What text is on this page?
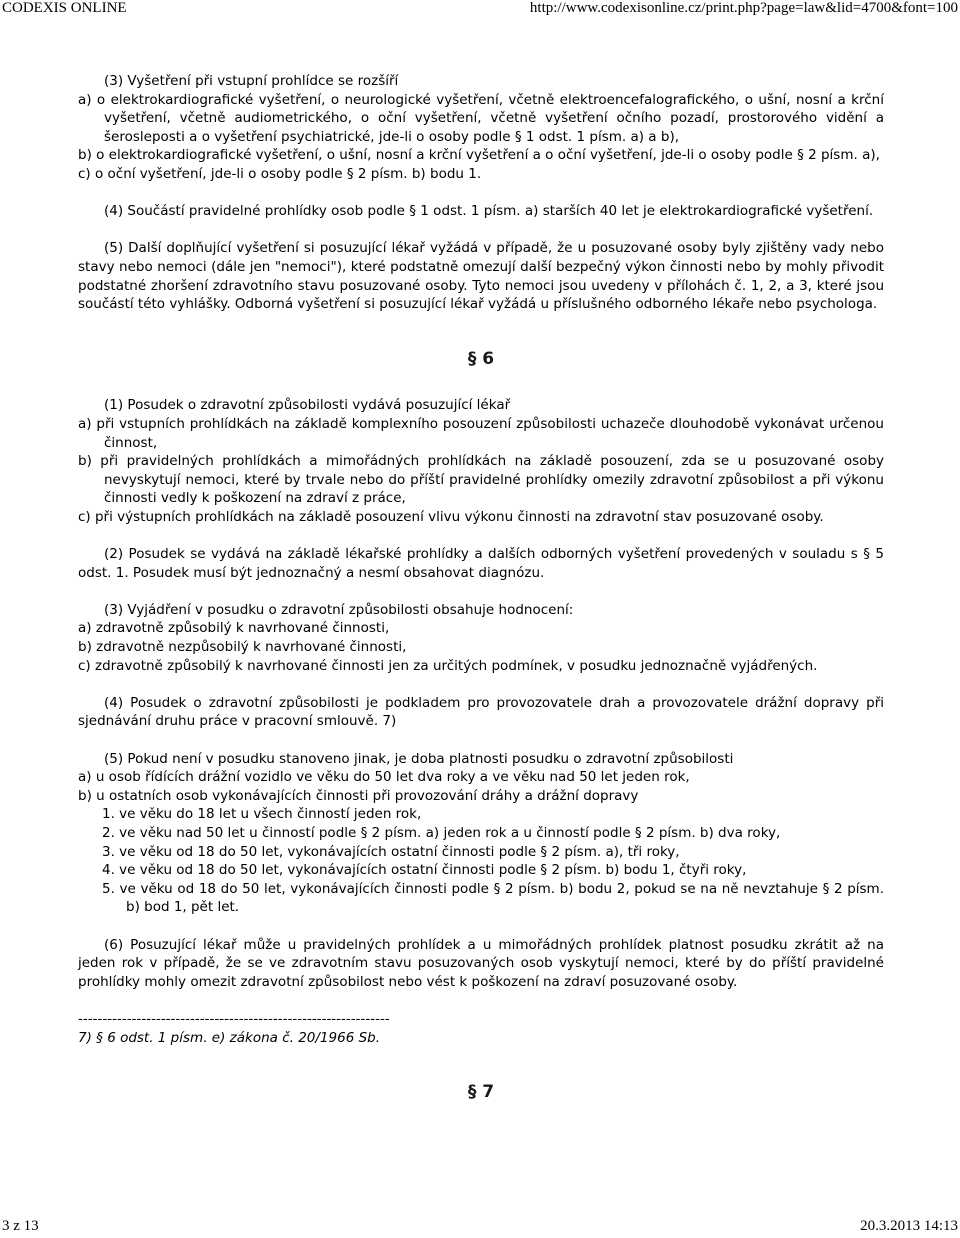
CODEXIS ONLINE	http://www.codexisonline.cz/print.php?page=law&lid=4700&font=100

(3) Vyšetření při vstupní prohlídce se rozšíří

a) o elektrokardiografické vyšetření, o neurologické vyšetření, včetně elektroencefalografického, o ušní, nosní a krční vyšetření, včetně audiometrického, o oční vyšetření, včetně vyšetření očního pozadí, prostorového vidění a šerosleposti a o vyšetření psychiatrické, jde-li o osoby podle § 1 odst. 1 písm. a) a b),

b) o elektrokardiografické vyšetření, o ušní, nosní a krční vyšetření a o oční vyšetření, jde-li o osoby podle § 2 písm. a),

c) o oční vyšetření, jde-li o osoby podle § 2 písm. b) bodu 1.

(4) Součástí pravidelné prohlídky osob podle § 1 odst. 1 písm. a) starších 40 let je elektrokardiografické vyšetření.

(5) Další doplňující vyšetření si posuzující lékař vyžádá v případě, že u posuzované osoby byly zjištěny vady nebo stavy nebo nemoci (dále jen "nemoci"), které podstatně omezují další bezpečný výkon činnosti nebo by mohly přivodit podstatné zhoršení zdravotního stavu posuzované osoby. Tyto nemoci jsou uvedeny v přílohách č. 1, 2, a 3, které jsou součástí této vyhlášky. Odborná vyšetření si posuzující lékař vyžádá u příslušného odborného lékaře nebo psychologa.

§ 6

(1) Posudek o zdravotní způsobilosti vydává posuzující lékař

a) při vstupních prohlídkách na základě komplexního posouzení způsobilosti uchazeče dlouhodobě vykonávat určenou činnost,

b) při pravidelných prohlídkách a mimořádných prohlídkách na základě posouzení, zda se u posuzované osoby nevyskytují nemoci, které by trvale nebo do příští pravidelné prohlídky omezily zdravotní způsobilost a při výkonu činnosti vedly k poškození na zdraví z práce,

c) při výstupních prohlídkách na základě posouzení vlivu výkonu činnosti na zdravotní stav posuzované osoby.

(2) Posudek se vydává na základě lékařské prohlídky a dalších odborných vyšetření provedených v souladu s § 5 odst. 1. Posudek musí být jednoznačný a nesmí obsahovat diagnózu.

(3) Vyjádření v posudku o zdravotní způsobilosti obsahuje hodnocení:

a) zdravotně způsobilý k navrhované činnosti,

b) zdravotně nezpůsobilý k navrhované činnosti,

c) zdravotně způsobilý k navrhované činnosti jen za určitých podmínek, v posudku jednoznačně vyjádřených.

(4) Posudek o zdravotní způsobilosti je podkladem pro provozovatele drah a provozovatele drážní dopravy při sjednávání druhu práce v pracovní smlouvě. 7)

(5) Pokud není v posudku stanoveno jinak, je doba platnosti posudku o zdravotní způsobilosti

a) u osob řídících drážní vozidlo ve věku do 50 let dva roky a ve věku nad 50 let jeden rok,

b) u ostatních osob vykonávajících činnosti při provozování dráhy a drážní dopravy

1. ve věku do 18 let u všech činností jeden rok,

2. ve věku nad 50 let u činností podle § 2 písm. a) jeden rok a u činností podle § 2 písm. b) dva roky,

3. ve věku od 18 do 50 let, vykonávajících ostatní činnosti podle § 2 písm. a), tři roky,

4. ve věku od 18 do 50 let, vykonávajících ostatní činnosti podle § 2 písm. b) bodu 1, čtyři roky,

5. ve věku od 18 do 50 let, vykonávajících činnosti podle § 2 písm. b) bodu 2, pokud se na ně nevztahuje § 2 písm. b) bod 1, pět let.

(6) Posuzující lékař může u pravidelných prohlídek a u mimořádných prohlídek platnost posudku zkrátit až na jeden rok v případě, že se ve zdravotním stavu posuzovaných osob vyskytují nemoci, které by do příští pravidelné prohlídky mohly omezit zdravotní způsobilost nebo vést k poškození na zdraví posuzované osoby.

----------------------------------------------------------------

7) § 6 odst. 1 písm. e) zákona č. 20/1966 Sb.

§ 7
3 z 13	20.3.2013 14:13
